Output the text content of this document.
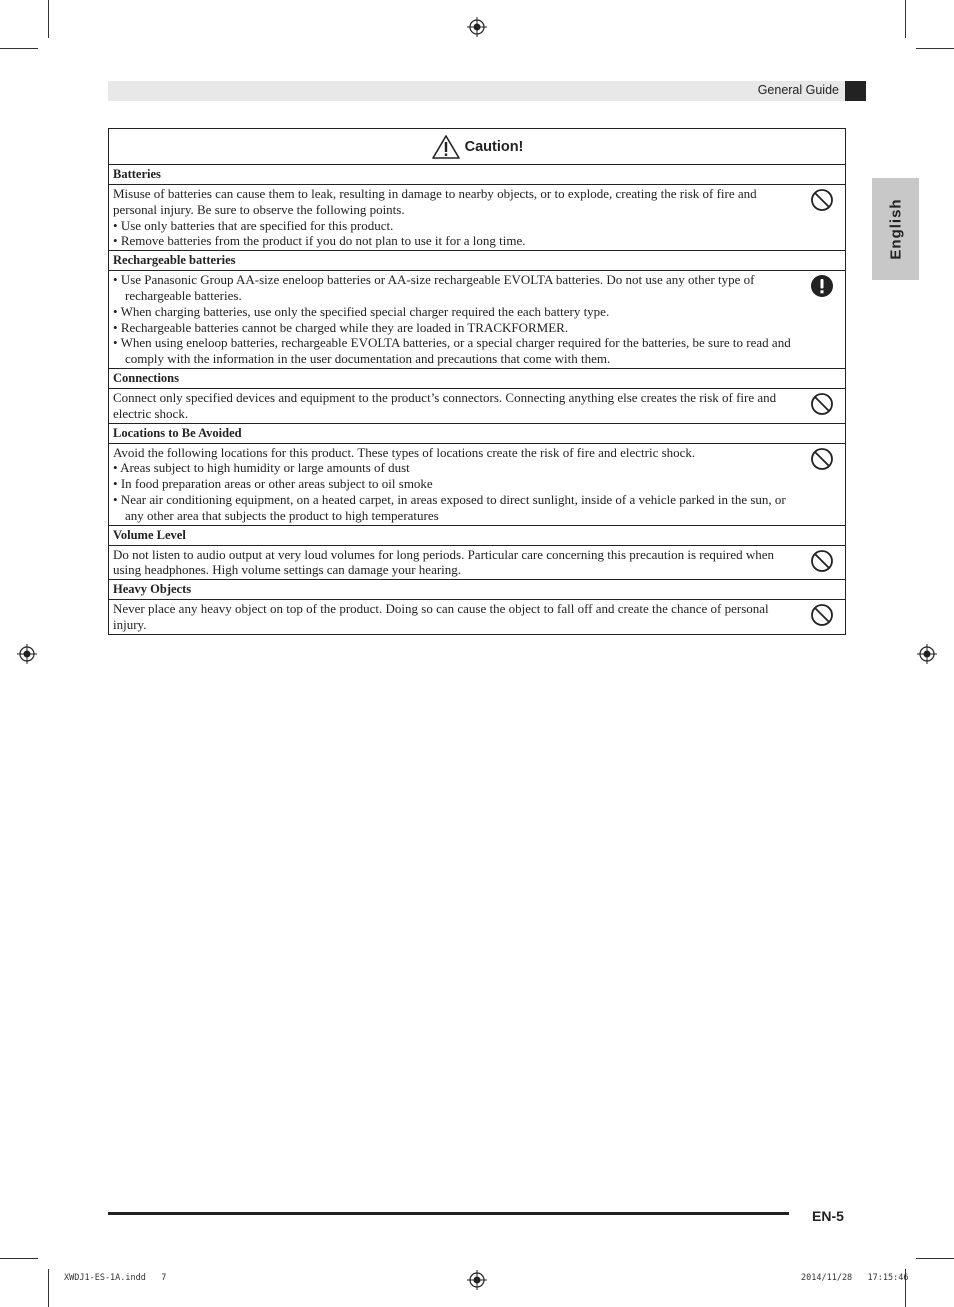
General Guide
English
Caution!
Batteries
Misuse of batteries can cause them to leak, resulting in damage to nearby objects, or to explode, creating the risk of fire and personal injury. Be sure to observe the following points.
• Use only batteries that are specified for this product.
• Remove batteries from the product if you do not plan to use it for a long time.
Rechargeable batteries
• Use Panasonic Group AA-size eneloop batteries or AA-size rechargeable EVOLTA batteries. Do not use any other type of rechargeable batteries.
• When charging batteries, use only the specified special charger required the each battery type.
• Rechargeable batteries cannot be charged while they are loaded in TRACKFORMER.
• When using eneloop batteries, rechargeable EVOLTA batteries, or a special charger required for the batteries, be sure to read and comply with the information in the user documentation and precautions that come with them.
Connections
Connect only specified devices and equipment to the product’s connectors. Connecting anything else creates the risk of fire and electric shock.
Locations to Be Avoided
Avoid the following locations for this product. These types of locations create the risk of fire and electric shock.
• Areas subject to high humidity or large amounts of dust
• In food preparation areas or other areas subject to oil smoke
• Near air conditioning equipment, on a heated carpet, in areas exposed to direct sunlight, inside of a vehicle parked in the sun, or any other area that subjects the product to high temperatures
Volume Level
Do not listen to audio output at very loud volumes for long periods. Particular care concerning this precaution is required when using headphones. High volume settings can damage your hearing.
Heavy Objects
Never place any heavy object on top of the product. Doing so can cause the object to fall off and create the chance of personal injury.
EN-5
XWDJ1-ES-1A.indd   7	2014/11/28   17:15:46
